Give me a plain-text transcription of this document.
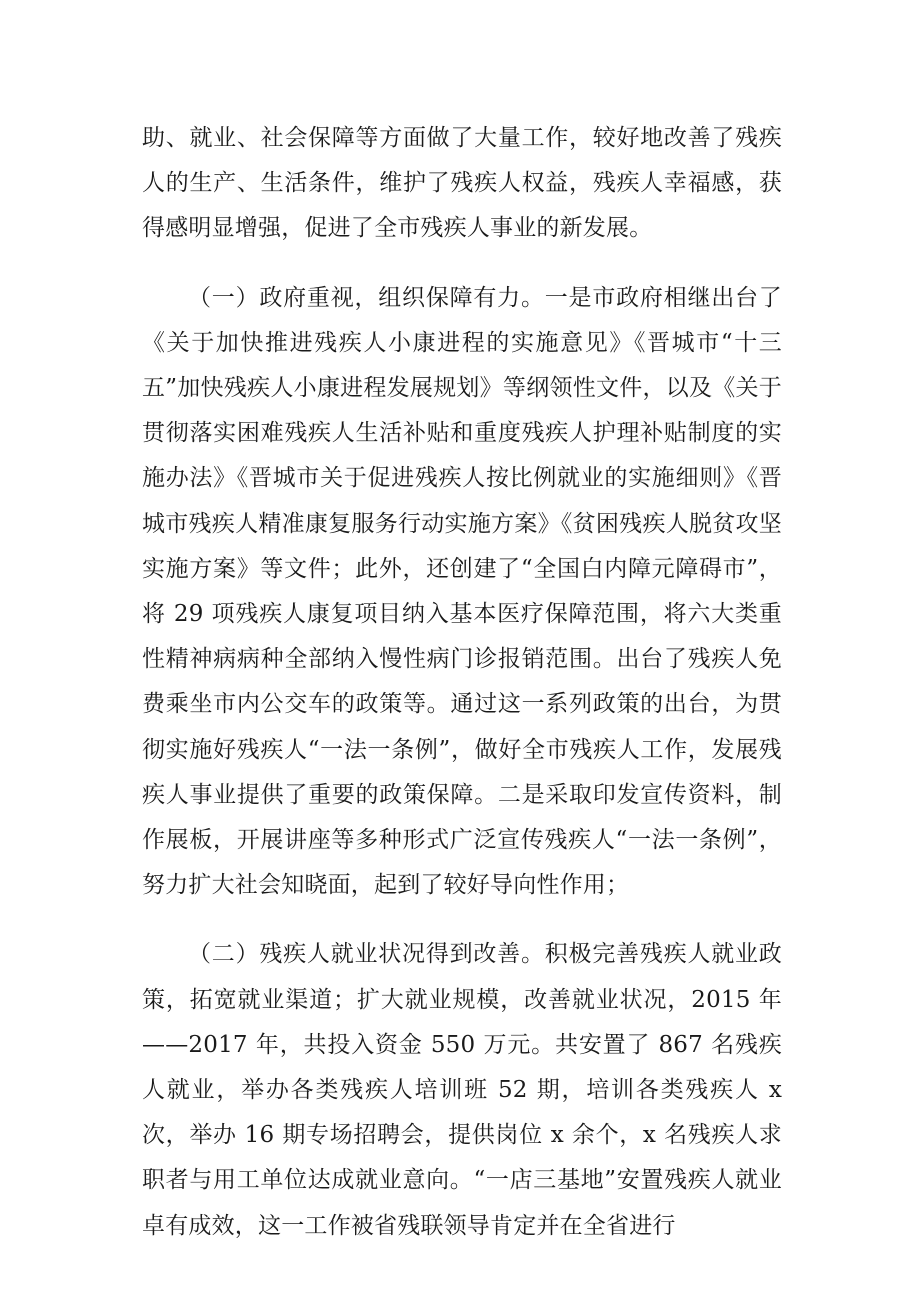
助、就业、社会保障等方面做了大量工作，较好地改善了残疾人的生产、生活条件，维护了残疾人权益，残疾人幸福感，获得感明显增强，促进了全市残疾人事业的新发展。

（一）政府重视，组织保障有力。一是市政府相继出台了《关于加快推进残疾人小康进程的实施意见》《晋城市“十三五”加快残疾人小康进程发展规划》等纲领性文件，以及《关于贯彻落实困难残疾人生活补贴和重度残疾人护理补贴制度的实施办法》《晋城市关于促进残疾人按比例就业的实施细则》《晋城市残疾人精准康复服务行动实施方案》《贫困残疾人脱贫攻坚实施方案》等文件；此外，还创建了“全国白内障元障碍市”，将 29 项残疾人康复项目纳入基本医疗保障范围，将六大类重性精神病病种全部纳入慢性病门诊报销范围。出台了残疾人免费乘坐市内公交车的政策等。通过这一系列政策的出台，为贯彻实施好残疾人“一法一条例”，做好全市残疾人工作，发展残疾人事业提供了重要的政策保障。二是采取印发宣传资料，制作展板，开展讲座等多种形式广泛宣传残疾人“一法一条例”，努力扩大社会知晓面，起到了较好导向性作用；

（二）残疾人就业状况得到改善。积极完善残疾人就业政策，拓宽就业渠道；扩大就业规模，改善就业状况，2015 年——2017 年，共投入资金 550 万元。共安置了 867 名残疾人就业，举办各类残疾人培训班 52 期，培训各类残疾人 x 次，举办 16 期专场招聘会，提供岗位 x 余个，x 名残疾人求职者与用工单位达成就业意向。“一店三基地”安置残疾人就业卓有成效，这一工作被省残联领导肯定并在全省进行
